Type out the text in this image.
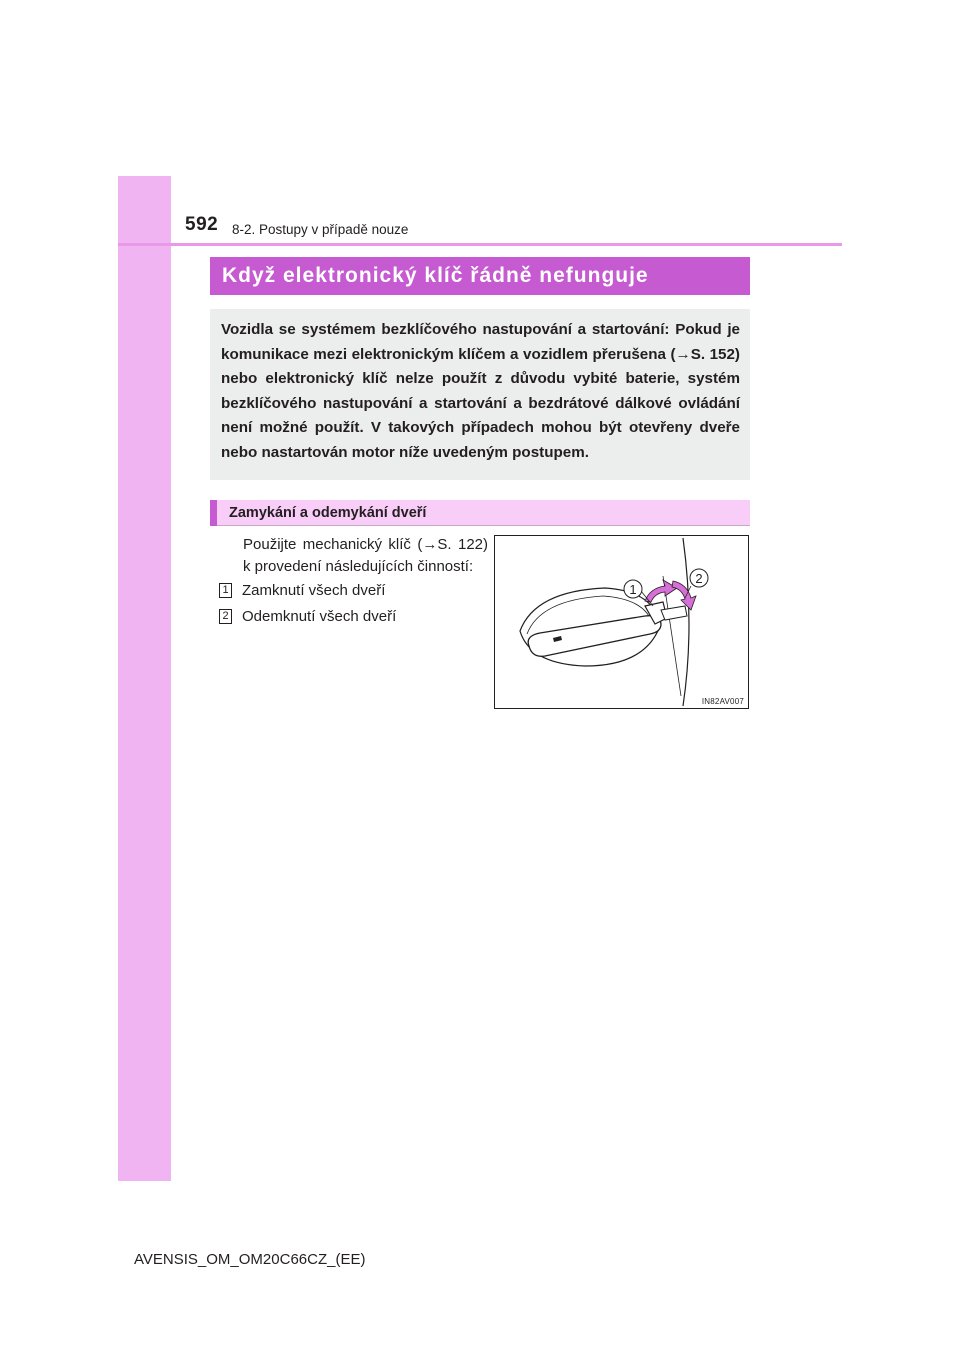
592 8-2. Postupy v případě nouze
Když elektronický klíč řádně nefunguje

Vozidla se systémem bezklíčového nastupování a startování: Pokud je komunikace mezi elektronickým klíčem a vozidlem přerušena (→S. 152) nebo elektronický klíč nelze použít z důvodu vybité baterie, systém bezklíčového nastupování a startování a bezdrátové dálkové ovládání není možné použít. V takových případech mohou být otevřeny dveře nebo nastartován motor níže uvedeným postupem.

Zamykání a odemykání dveří

Použijte mechanický klíč (→S. 122) k provedení následujících činností:

1 Zamknutí všech dveří
2 Odemknutí všech dveří
1
2
IN82AV007
AVENSIS_OM_OM20C66CZ_(EE)
